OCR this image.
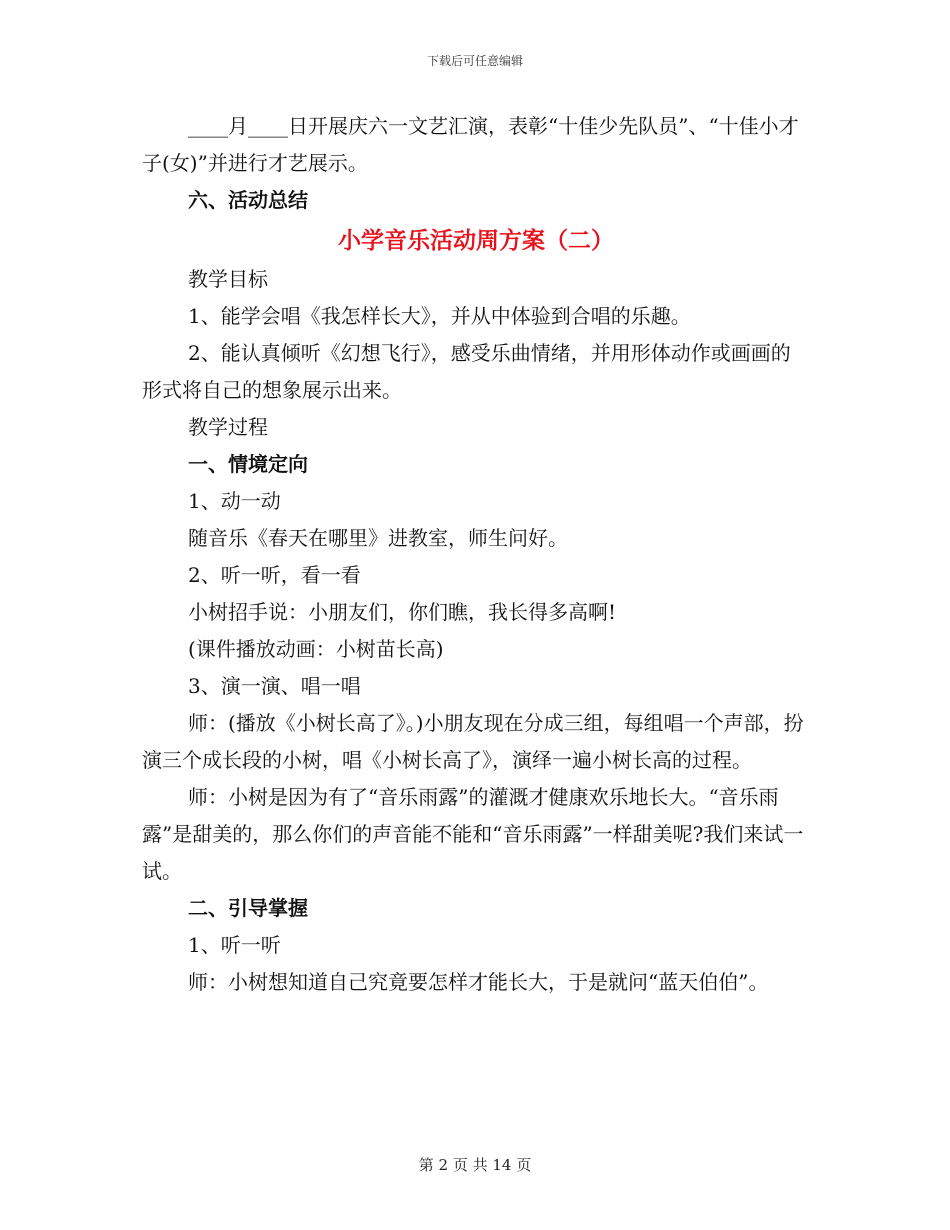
下载后可任意编辑

____月____日开展庆六一文艺汇演，表彰“十佳少先队员”、“十佳小才子(女)”并进行才艺展示。

六、活动总结

小学音乐活动周方案（二）

教学目标

1、能学会唱《我怎样长大》，并从中体验到合唱的乐趣。

2、能认真倾听《幻想飞行》，感受乐曲情绪，并用形体动作或画画的形式将自己的想象展示出来。

教学过程

一、情境定向

1、动一动

随音乐《春天在哪里》进教室，师生问好。

2、听一听，看一看

小树招手说：小朋友们，你们瞧，我长得多高啊!

(课件播放动画：小树苗长高)

3、演一演、唱一唱

师：(播放《小树长高了》。)小朋友现在分成三组，每组唱一个声部，扮演三个成长段的小树，唱《小树长高了》，演绎一遍小树长高的过程。

师：小树是因为有了“音乐雨露”的灌溉才健康欢乐地长大。“音乐雨露”是甜美的，那么你们的声音能不能和“音乐雨露”一样甜美呢?我们来试一试。

二、引导掌握

1、听一听

师：小树想知道自己究竟要怎样才能长大，于是就问“蓝天伯伯”。

第 2 页 共 14 页
